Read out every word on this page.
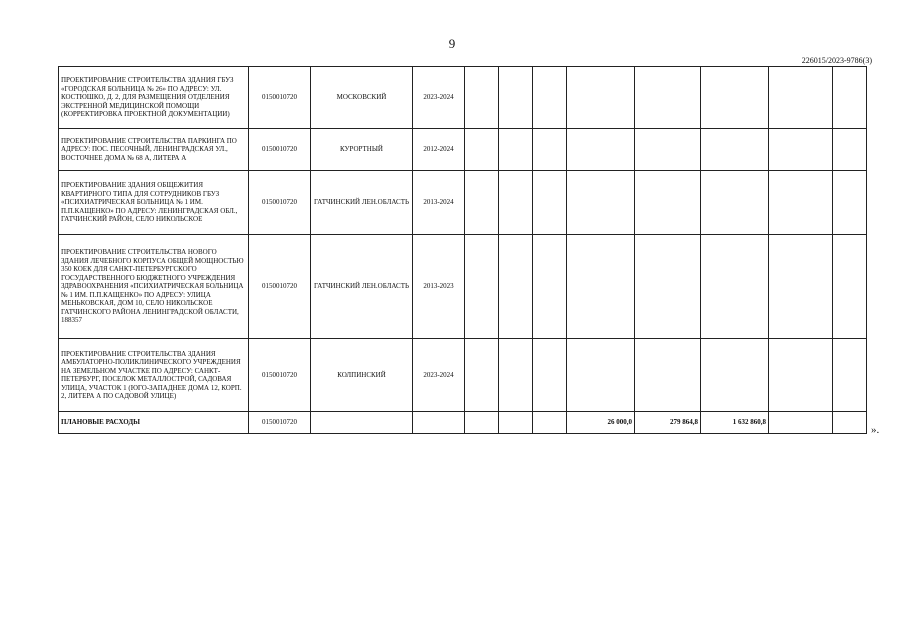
9
226015/2023-9786(3)
ПРОЕКТИРОВАНИЕ СТРОИТЕЛЬСТВА ЗДАНИЯ ГБУЗ «ГОРОДСКАЯ БОЛЬНИЦА № 26» ПО АДРЕСУ: УЛ. КОСТЮШКО, Д. 2, ДЛЯ РАЗМЕЩЕНИЯ ОТДЕЛЕНИЯ ЭКСТРЕННОЙ МЕДИЦИНСКОЙ ПОМОЩИ (КОРРЕКТИРОВКА ПРОЕКТНОЙ ДОКУМЕНТАЦИИ)	0150010720	МОСКОВСКИЙ	2023-2024								
ПРОЕКТИРОВАНИЕ СТРОИТЕЛЬСТВА ПАРКИНГА ПО АДРЕСУ: ПОС. ПЕСОЧНЫЙ, ЛЕНИНГРАДСКАЯ УЛ., ВОСТОЧНЕЕ ДОМА № 68 А, ЛИТЕРА А	0150010720	КУРОРТНЫЙ	2012-2024								
ПРОЕКТИРОВАНИЕ ЗДАНИЯ ОБЩЕЖИТИЯ КВАРТИРНОГО ТИПА ДЛЯ СОТРУДНИКОВ ГБУЗ «ПСИХИАТРИЧЕСКАЯ БОЛЬНИЦА № 1 ИМ. П.П.КАЩЕНКО» ПО АДРЕСУ: ЛЕНИНГРАДСКАЯ ОБЛ., ГАТЧИНСКИЙ РАЙОН, СЕЛО НИКОЛЬСКОЕ	0150010720	ГАТЧИНСКИЙ ЛЕН.ОБЛАСТЬ	2013-2024								
ПРОЕКТИРОВАНИЕ СТРОИТЕЛЬСТВА НОВОГО ЗДАНИЯ ЛЕЧЕБНОГО КОРПУСА ОБЩЕЙ МОЩНОСТЬЮ 350 КОЕК ДЛЯ САНКТ-ПЕТЕРБУРГСКОГО ГОСУДАРСТВЕННОГО БЮДЖЕТНОГО УЧРЕЖДЕНИЯ ЗДРАВООХРАНЕНИЯ «ПСИХИАТРИЧЕСКАЯ БОЛЬНИЦА № 1 ИМ. П.П.КАЩЕНКО» ПО АДРЕСУ: УЛИЦА МЕНЬКОВСКАЯ, ДОМ 10, СЕЛО НИКОЛЬСКОЕ ГАТЧИНСКОГО РАЙОНА ЛЕНИНГРАДСКОЙ ОБЛАСТИ, 188357	0150010720	ГАТЧИНСКИЙ ЛЕН.ОБЛАСТЬ	2013-2023								
ПРОЕКТИРОВАНИЕ СТРОИТЕЛЬСТВА ЗДАНИЯ АМБУЛАТОРНО-ПОЛИКЛИНИЧЕСКОГО УЧРЕЖДЕНИЯ НА ЗЕМЕЛЬНОМ УЧАСТКЕ ПО АДРЕСУ: САНКТ-ПЕТЕРБУРГ, ПОСЕЛОК МЕТАЛЛОСТРОЙ, САДОВАЯ УЛИЦА, УЧАСТОК 1 (ЮГО-ЗАПАДНЕЕ ДОМА 12, КОРП. 2, ЛИТЕРА А ПО САДОВОЙ УЛИЦЕ)	0150010720	КОЛПИНСКИЙ	2023-2024								
ПЛАНОВЫЕ РАСХОДЫ	0150010720						26 000,0	279 864,8	1 632 860,8		
».
